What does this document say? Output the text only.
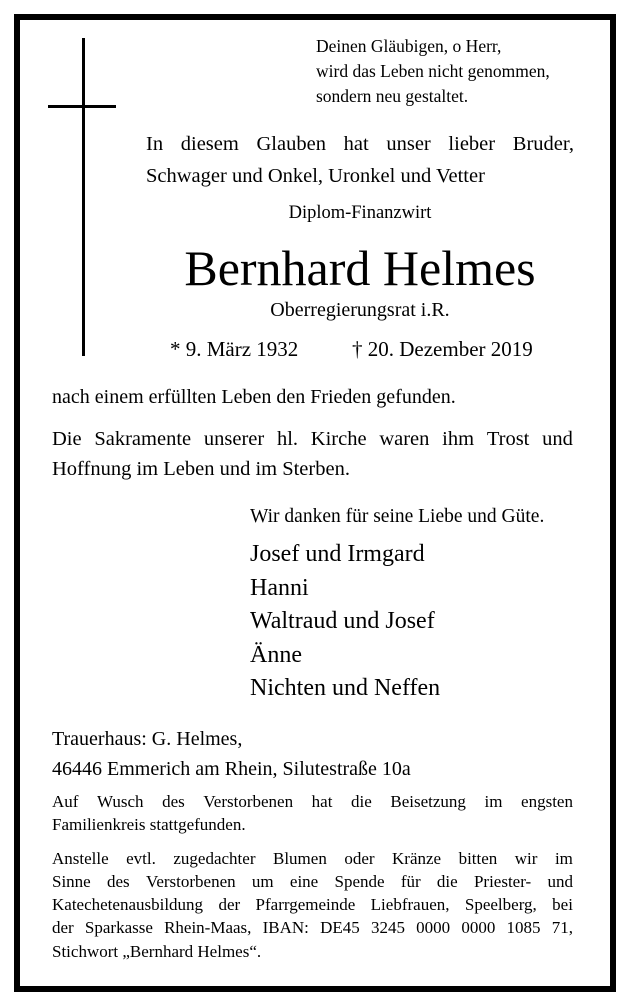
Deinen Gläubigen, o Herr,
wird das Leben nicht genommen,
sondern neu gestaltet.
In diesem Glauben hat unser lieber Bruder,
Schwager und Onkel, Uronkel und Vetter
Diplom-Finanzwirt
Bernhard Helmes
Oberregierungsrat i.R.
* 9. März 1932	† 20. Dezember 2019
nach einem erfüllten Leben den Frieden gefunden.
Die Sakramente unserer hl. Kirche waren ihm Trost und
Hoffnung im Leben und im Sterben.
Wir danken für seine Liebe und Güte.
Josef und Irmgard
Hanni
Waltraud und Josef
Änne
Nichten und Neffen
Trauerhaus: G. Helmes,
46446 Emmerich am Rhein, Silutestraße 10a
Auf Wusch des Verstorbenen hat die Beisetzung im engsten
Familienkreis stattgefunden.
Anstelle evtl. zugedachter Blumen oder Kränze bitten wir im
Sinne des Verstorbenen um eine Spende für die Priester- und
Katechetenausbildung der Pfarrgemeinde Liebfrauen, Speelberg, bei
der Sparkasse Rhein-Maas, IBAN: DE45 3245 0000 0000 1085 71,
Stichwort „Bernhard Helmes“.
